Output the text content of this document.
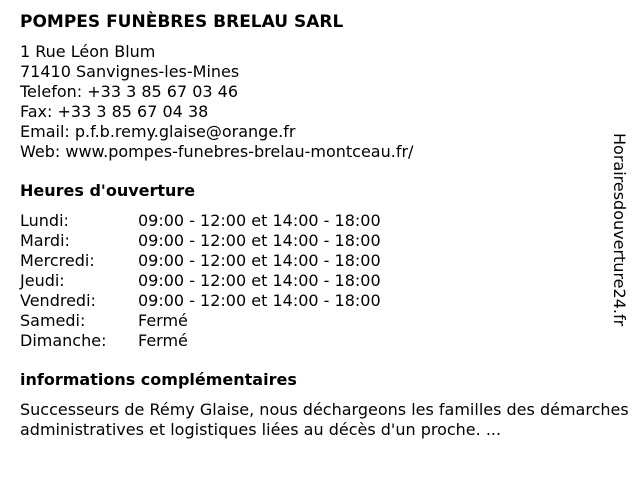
POMPES FUNÈBRES BRELAU SARL
1 Rue Léon Blum
71410 Sanvignes-les-Mines
Telefon: +33 3 85 67 03 46
Fax: +33 3 85 67 04 38
Email: p.f.b.remy.glaise@orange.fr
Web: www.pompes-funebres-brelau-montceau.fr/
Heures d'ouverture
Lundi:	09:00 - 12:00 et 14:00 - 18:00
Mardi:	09:00 - 12:00 et 14:00 - 18:00
Mercredi:	09:00 - 12:00 et 14:00 - 18:00
Jeudi:	09:00 - 12:00 et 14:00 - 18:00
Vendredi:	09:00 - 12:00 et 14:00 - 18:00
Samedi:	Fermé
Dimanche:	Fermé
informations complémentaires
Successeurs de Rémy Glaise, nous déchargeons les familles des démarches administratives et logistiques liées au décès d'un proche. ...
Horairesdouverture24.fr
